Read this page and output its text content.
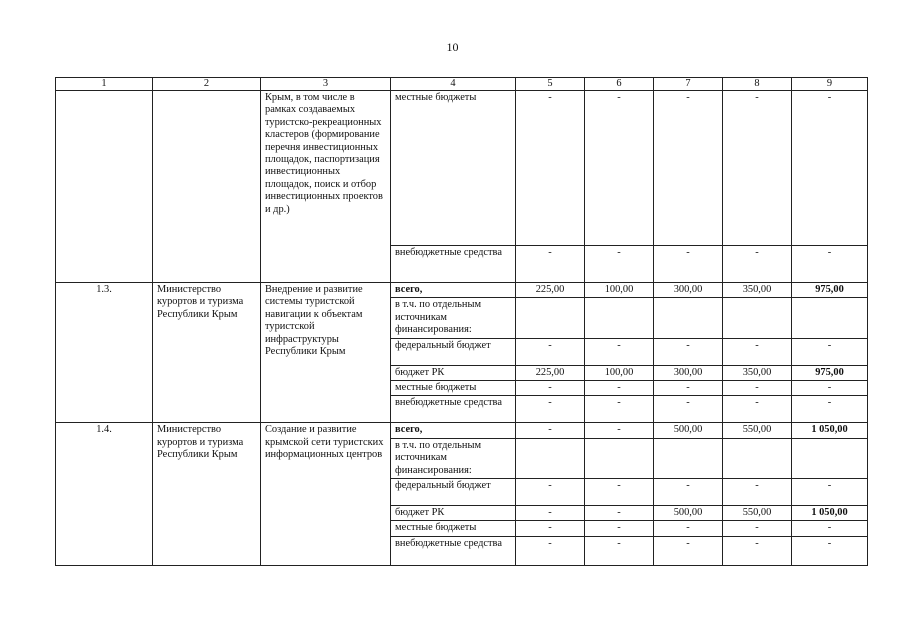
10
1	2	3	4	5	6	7	8	9
		Крым, в том числе в рамках создаваемых туристско-рекреационных кластеров (формирование перечня инвестиционных площадок, паспортизация инвестиционных площадок, поиск и отбор инвестиционных проектов и др.)	местные бюджеты	-	-	-	-	-
			внебюджетные средства	-	-	-	-	-
1.3.	Министерство курортов и туризма Республики Крым	Внедрение и развитие системы туристской навигации к объектам туристской инфраструктуры Республики Крым	всего,	225,00	100,00	300,00	350,00	975,00
			в т.ч. по отдельным источникам финансирования:					
			федеральный бюджет	-	-	-	-	-
			бюджет РК	225,00	100,00	300,00	350,00	975,00
			местные бюджеты	-	-	-	-	-
			внебюджетные средства	-	-	-	-	-
1.4.	Министерство курортов и туризма Республики Крым	Создание и развитие крымской сети туристских информационных центров	всего,	-	-	500,00	550,00	1 050,00
			в т.ч. по отдельным источникам финансирования:					
			федеральный бюджет	-	-	-	-	-
			бюджет РК	-	-	500,00	550,00	1 050,00
			местные бюджеты	-	-	-	-	-
			внебюджетные средства	-	-	-	-	-
